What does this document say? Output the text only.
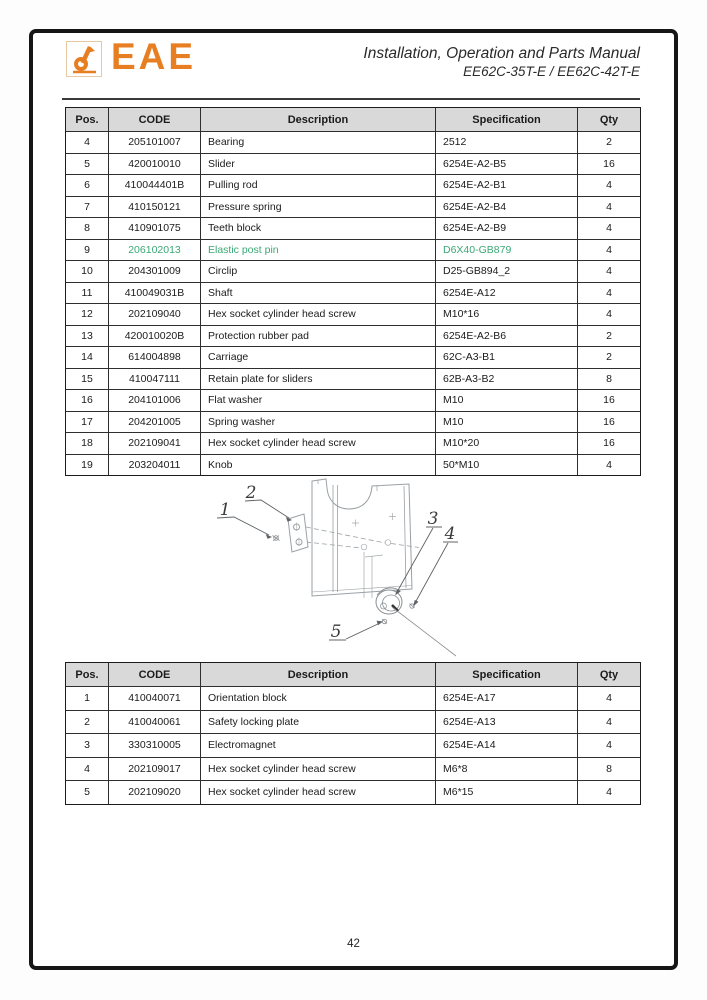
EAE	Installation, Operation and Parts Manual
EE62C-35T-E / EE62C-42T-E
Pos.	CODE	Description	Specification	Qty
4	205101007	Bearing	2512	2
5	420010010	Slider	6254E-A2-B5	16
6	410044401B	Pulling rod	6254E-A2-B1	4
7	410150121	Pressure spring	6254E-A2-B4	4
8	410901075	Teeth block	6254E-A2-B9	4
9	206102013	Elastic post pin	D6X40-GB879	4
10	204301009	Circlip	D25-GB894_2	4
11	410049031B	Shaft	6254E-A12	4
12	202109040	Hex socket cylinder head screw	M10*16	4
13	420010020B	Protection rubber pad	6254E-A2-B6	2
14	614004898	Carriage	62C-A3-B1	2
15	410047111	Retain plate for sliders	62B-A3-B2	8
16	204101006	Flat washer	M10	16
17	204201005	Spring washer	M10	16
18	202109041	Hex socket cylinder head screw	M10*20	16
19	203204011	Knob	50*M10	4
1
2
3
4
5
Pos.	CODE	Description	Specification	Qty
1	410040071	Orientation block	6254E-A17	4
2	410040061	Safety locking plate	6254E-A13	4
3	330310005	Electromagnet	6254E-A14	4
4	202109017	Hex socket cylinder head screw	M6*8	8
5	202109020	Hex socket cylinder head screw	M6*15	4
42
